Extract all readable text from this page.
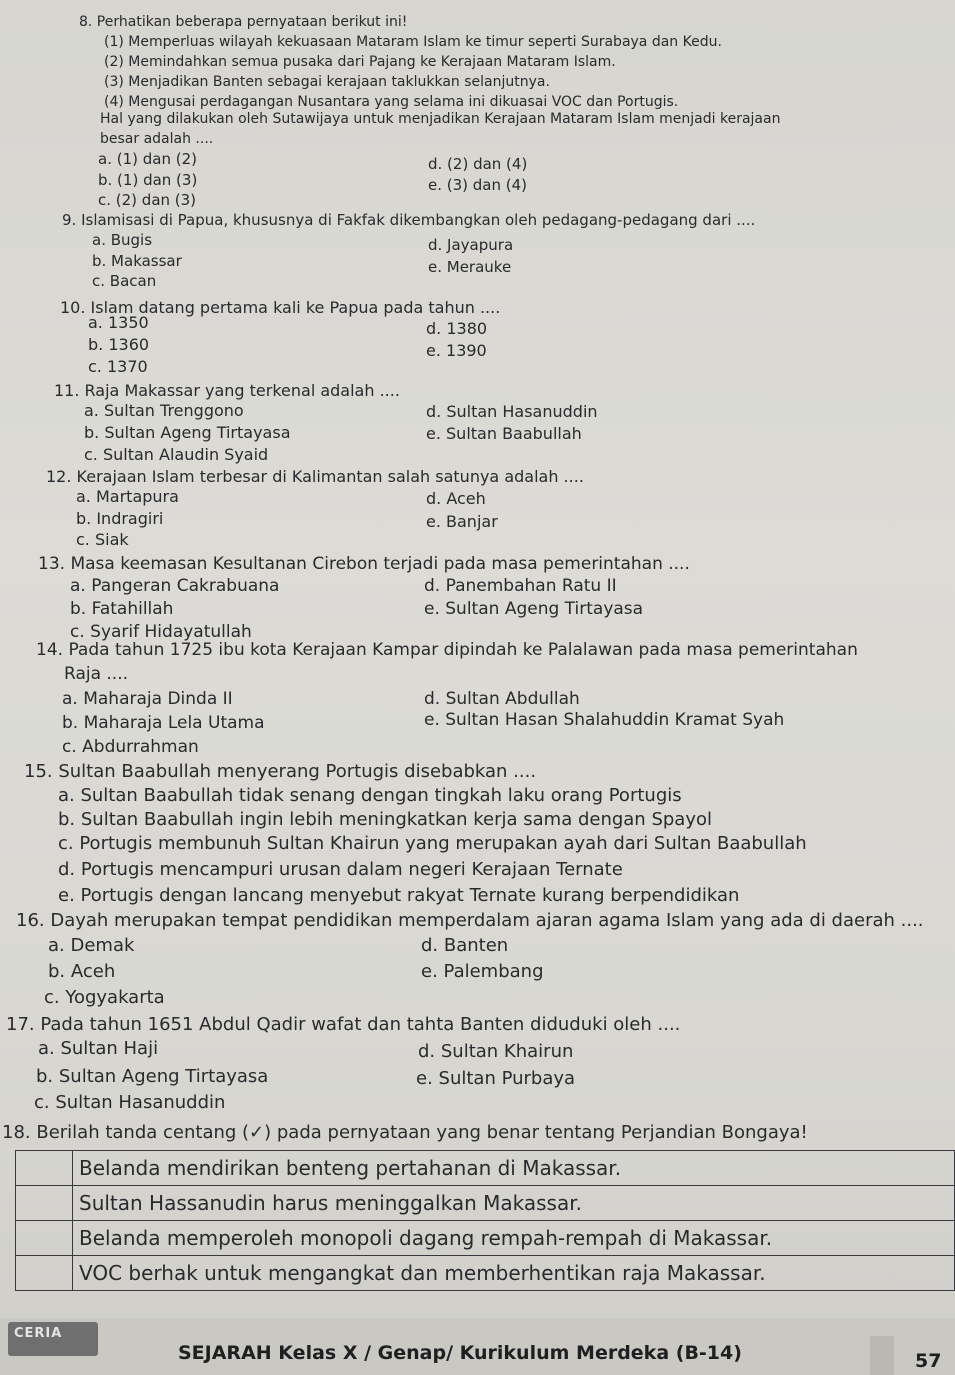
8. Perhatikan beberapa pernyataan berikut ini!
(1) Memperluas wilayah kekuasaan Mataram Islam ke timur seperti Surabaya dan Kedu.
(2) Memindahkan semua pusaka dari Pajang ke Kerajaan Mataram Islam.
(3) Menjadikan Banten sebagai kerajaan taklukkan selanjutnya.
(4) Mengusai perdagangan Nusantara yang selama ini dikuasai VOC dan Portugis.
Hal yang dilakukan oleh Sutawijaya untuk menjadikan Kerajaan Mataram Islam menjadi kerajaan
besar adalah ....
a. (1) dan (2)
b. (1) dan (3)
c. (2) dan (3)
d. (2) dan (4)
e. (3) dan (4)
9. Islamisasi di Papua, khususnya di Fakfak dikembangkan oleh pedagang-pedagang dari ....
a. Bugis
b. Makassar
c. Bacan
d. Jayapura
e. Merauke
10. Islam datang pertama kali ke Papua pada tahun ....
a. 1350
b. 1360
c. 1370
d. 1380
e. 1390
11. Raja Makassar yang terkenal adalah ....
a. Sultan Trenggono
b. Sultan Ageng Tirtayasa
c. Sultan Alaudin Syaid
d. Sultan Hasanuddin
e. Sultan Baabullah
12. Kerajaan Islam terbesar di Kalimantan salah satunya adalah ....
a. Martapura
b. Indragiri
c. Siak
d. Aceh
e. Banjar
13. Masa keemasan Kesultanan Cirebon terjadi pada masa pemerintahan ....
a. Pangeran Cakrabuana
b. Fatahillah
c. Syarif Hidayatullah
d. Panembahan Ratu II
e. Sultan Ageng Tirtayasa
14. Pada tahun 1725 ibu kota Kerajaan Kampar dipindah ke Palalawan pada masa pemerintahan
Raja ....
a. Maharaja Dinda II
b. Maharaja Lela Utama
c. Abdurrahman
d. Sultan Abdullah
e. Sultan Hasan Shalahuddin Kramat Syah
15. Sultan Baabullah menyerang Portugis disebabkan ....
a. Sultan Baabullah tidak senang dengan tingkah laku orang Portugis
b. Sultan Baabullah ingin lebih meningkatkan kerja sama dengan Spayol
c. Portugis membunuh Sultan Khairun yang merupakan ayah dari Sultan Baabullah
d. Portugis mencampuri urusan dalam negeri Kerajaan Ternate
e. Portugis dengan lancang menyebut rakyat Ternate kurang berpendidikan
16. Dayah merupakan tempat pendidikan memperdalam ajaran agama Islam yang ada di daerah ....
a. Demak
b. Aceh
c. Yogyakarta
d. Banten
e. Palembang
17. Pada tahun 1651 Abdul Qadir wafat dan tahta Banten diduduki oleh ....
a. Sultan Haji
b. Sultan Ageng Tirtayasa
c. Sultan Hasanuddin
d. Sultan Khairun
e. Sultan Purbaya
18. Berilah tanda centang (✓) pada pernyataan yang benar tentang Perjandian Bongaya!
	Belanda mendirikan benteng pertahanan di Makassar.
	Sultan Hassanudin harus meninggalkan Makassar.
	Belanda memperoleh monopoli dagang rempah-rempah di Makassar.
	VOC berhak untuk mengangkat dan memberhentikan raja Makassar.
CERIA
SEJARAH Kelas X / Genap/ Kurikulum Merdeka (B-14)	57
